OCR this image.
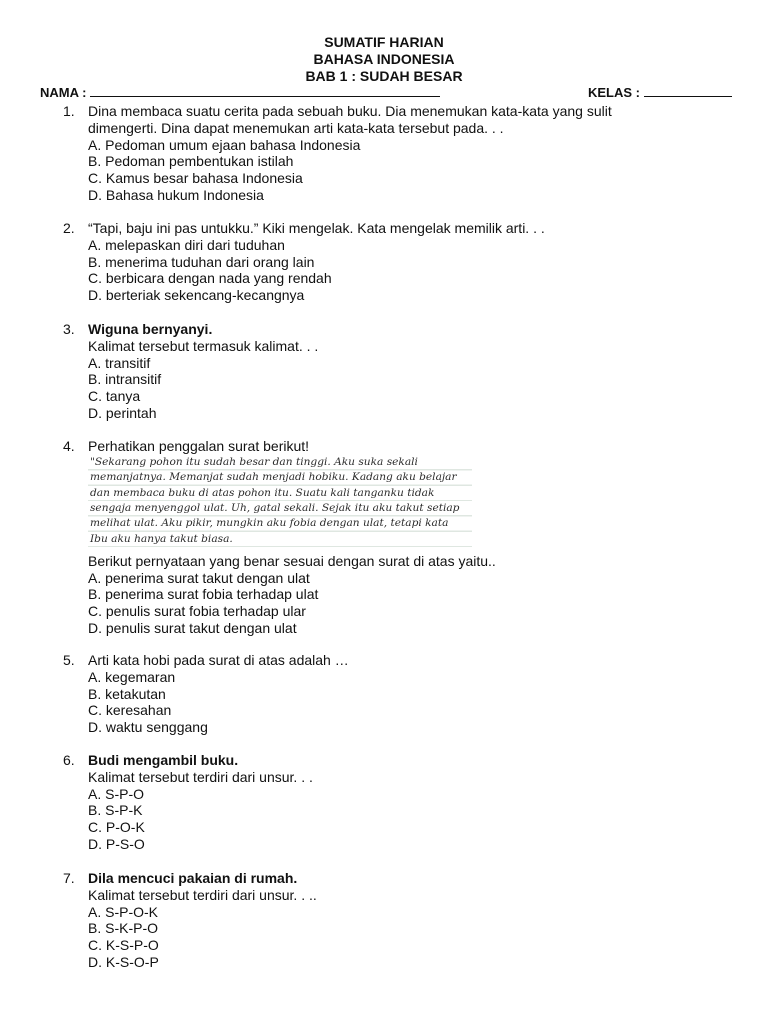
SUMATIF HARIAN
BAHASA INDONESIA
BAB 1 : SUDAH BESAR
NAMA :	KELAS :
1. Dina membaca suatu cerita pada sebuah buku. Dia menemukan kata-kata yang sulit
dimengerti. Dina dapat menemukan arti kata-kata tersebut pada. . .
A. Pedoman umum ejaan bahasa Indonesia
B. Pedoman pembentukan istilah
C. Kamus besar bahasa Indonesia
D. Bahasa hukum Indonesia
2. “Tapi, baju ini pas untukku.” Kiki mengelak. Kata mengelak memilik arti. . .
A. melepaskan diri dari tuduhan
B. menerima tuduhan dari orang lain
C. berbicara dengan nada yang rendah
D. berteriak sekencang-kecangnya
3. Wiguna bernyanyi.
Kalimat tersebut termasuk kalimat. . .
A. transitif
B. intransitif
C. tanya
D. perintah
4. Perhatikan penggalan surat berikut!
"Sekarang pohon itu sudah besar dan tinggi. Aku suka sekali
memanjatnya. Memanjat sudah menjadi hobiku. Kadang aku belajar
dan membaca buku di atas pohon itu. Suatu kali tanganku tidak
sengaja menyenggol ulat. Uh, gatal sekali. Sejak itu aku takut setiap
melihat ulat. Aku pikir, mungkin aku fobia dengan ulat, tetapi kata
Ibu aku hanya takut biasa.
Berikut pernyataan yang benar sesuai dengan surat di atas yaitu..
A. penerima surat takut dengan ulat
B. penerima surat fobia terhadap ulat
C. penulis surat fobia terhadap ular
D. penulis surat takut dengan ulat
5. Arti kata hobi pada surat di atas adalah …
A. kegemaran
B. ketakutan
C. keresahan
D. waktu senggang
6. Budi mengambil buku.
Kalimat tersebut terdiri dari unsur. . .
A. S-P-O
B. S-P-K
C. P-O-K
D. P-S-O
7. Dila mencuci pakaian di rumah.
Kalimat tersebut terdiri dari unsur. . ..
A. S-P-O-K
B. S-K-P-O
C. K-S-P-O
D. K-S-O-P
